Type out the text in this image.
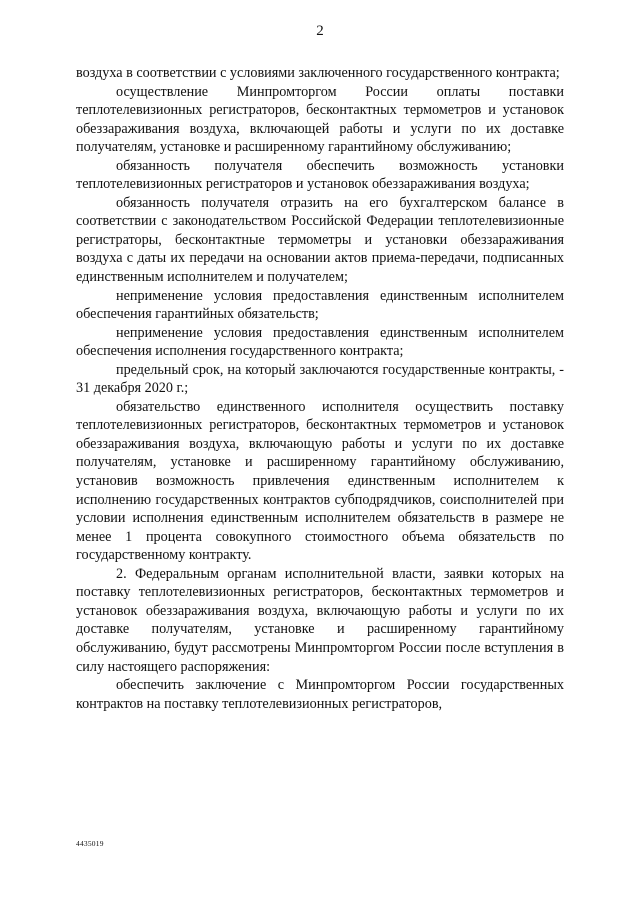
2

воздуха в соответствии с условиями заключенного государственного контракта;

осуществление Минпромторгом России оплаты поставки теплотелевизионных регистраторов, бесконтактных термометров и установок обеззараживания воздуха, включающей работы и услуги по их доставке получателям, установке и расширенному гарантийному обслуживанию;

обязанность получателя обеспечить возможность установки теплотелевизионных регистраторов и установок обеззараживания воздуха;

обязанность получателя отразить на его бухгалтерском балансе в соответствии с законодательством Российской Федерации теплотелевизионные регистраторы, бесконтактные термометры и установки обеззараживания воздуха с даты их передачи на основании актов приема-передачи, подписанных единственным исполнителем и получателем;

неприменение условия предоставления единственным исполнителем обеспечения гарантийных обязательств;

неприменение условия предоставления единственным исполнителем обеспечения исполнения государственного контракта;

предельный срок, на который заключаются государственные контракты, - 31 декабря 2020 г.;

обязательство единственного исполнителя осуществить поставку теплотелевизионных регистраторов, бесконтактных термометров и установок обеззараживания воздуха, включающую работы и услуги по их доставке получателям, установке и расширенному гарантийному обслуживанию, установив возможность привлечения единственным исполнителем к исполнению государственных контрактов субподрядчиков, соисполнителей при условии исполнения единственным исполнителем обязательств в размере не менее 1 процента совокупного стоимостного объема обязательств по государственному контракту.

2. Федеральным органам исполнительной власти, заявки которых на поставку теплотелевизионных регистраторов, бесконтактных термометров и установок обеззараживания воздуха, включающую работы и услуги по их доставке получателям, установке и расширенному гарантийному обслуживанию, будут рассмотрены Минпромторгом России после вступления в силу настоящего распоряжения:

обеспечить заключение с Минпромторгом России государственных контрактов на поставку теплотелевизионных регистраторов,

4435019
